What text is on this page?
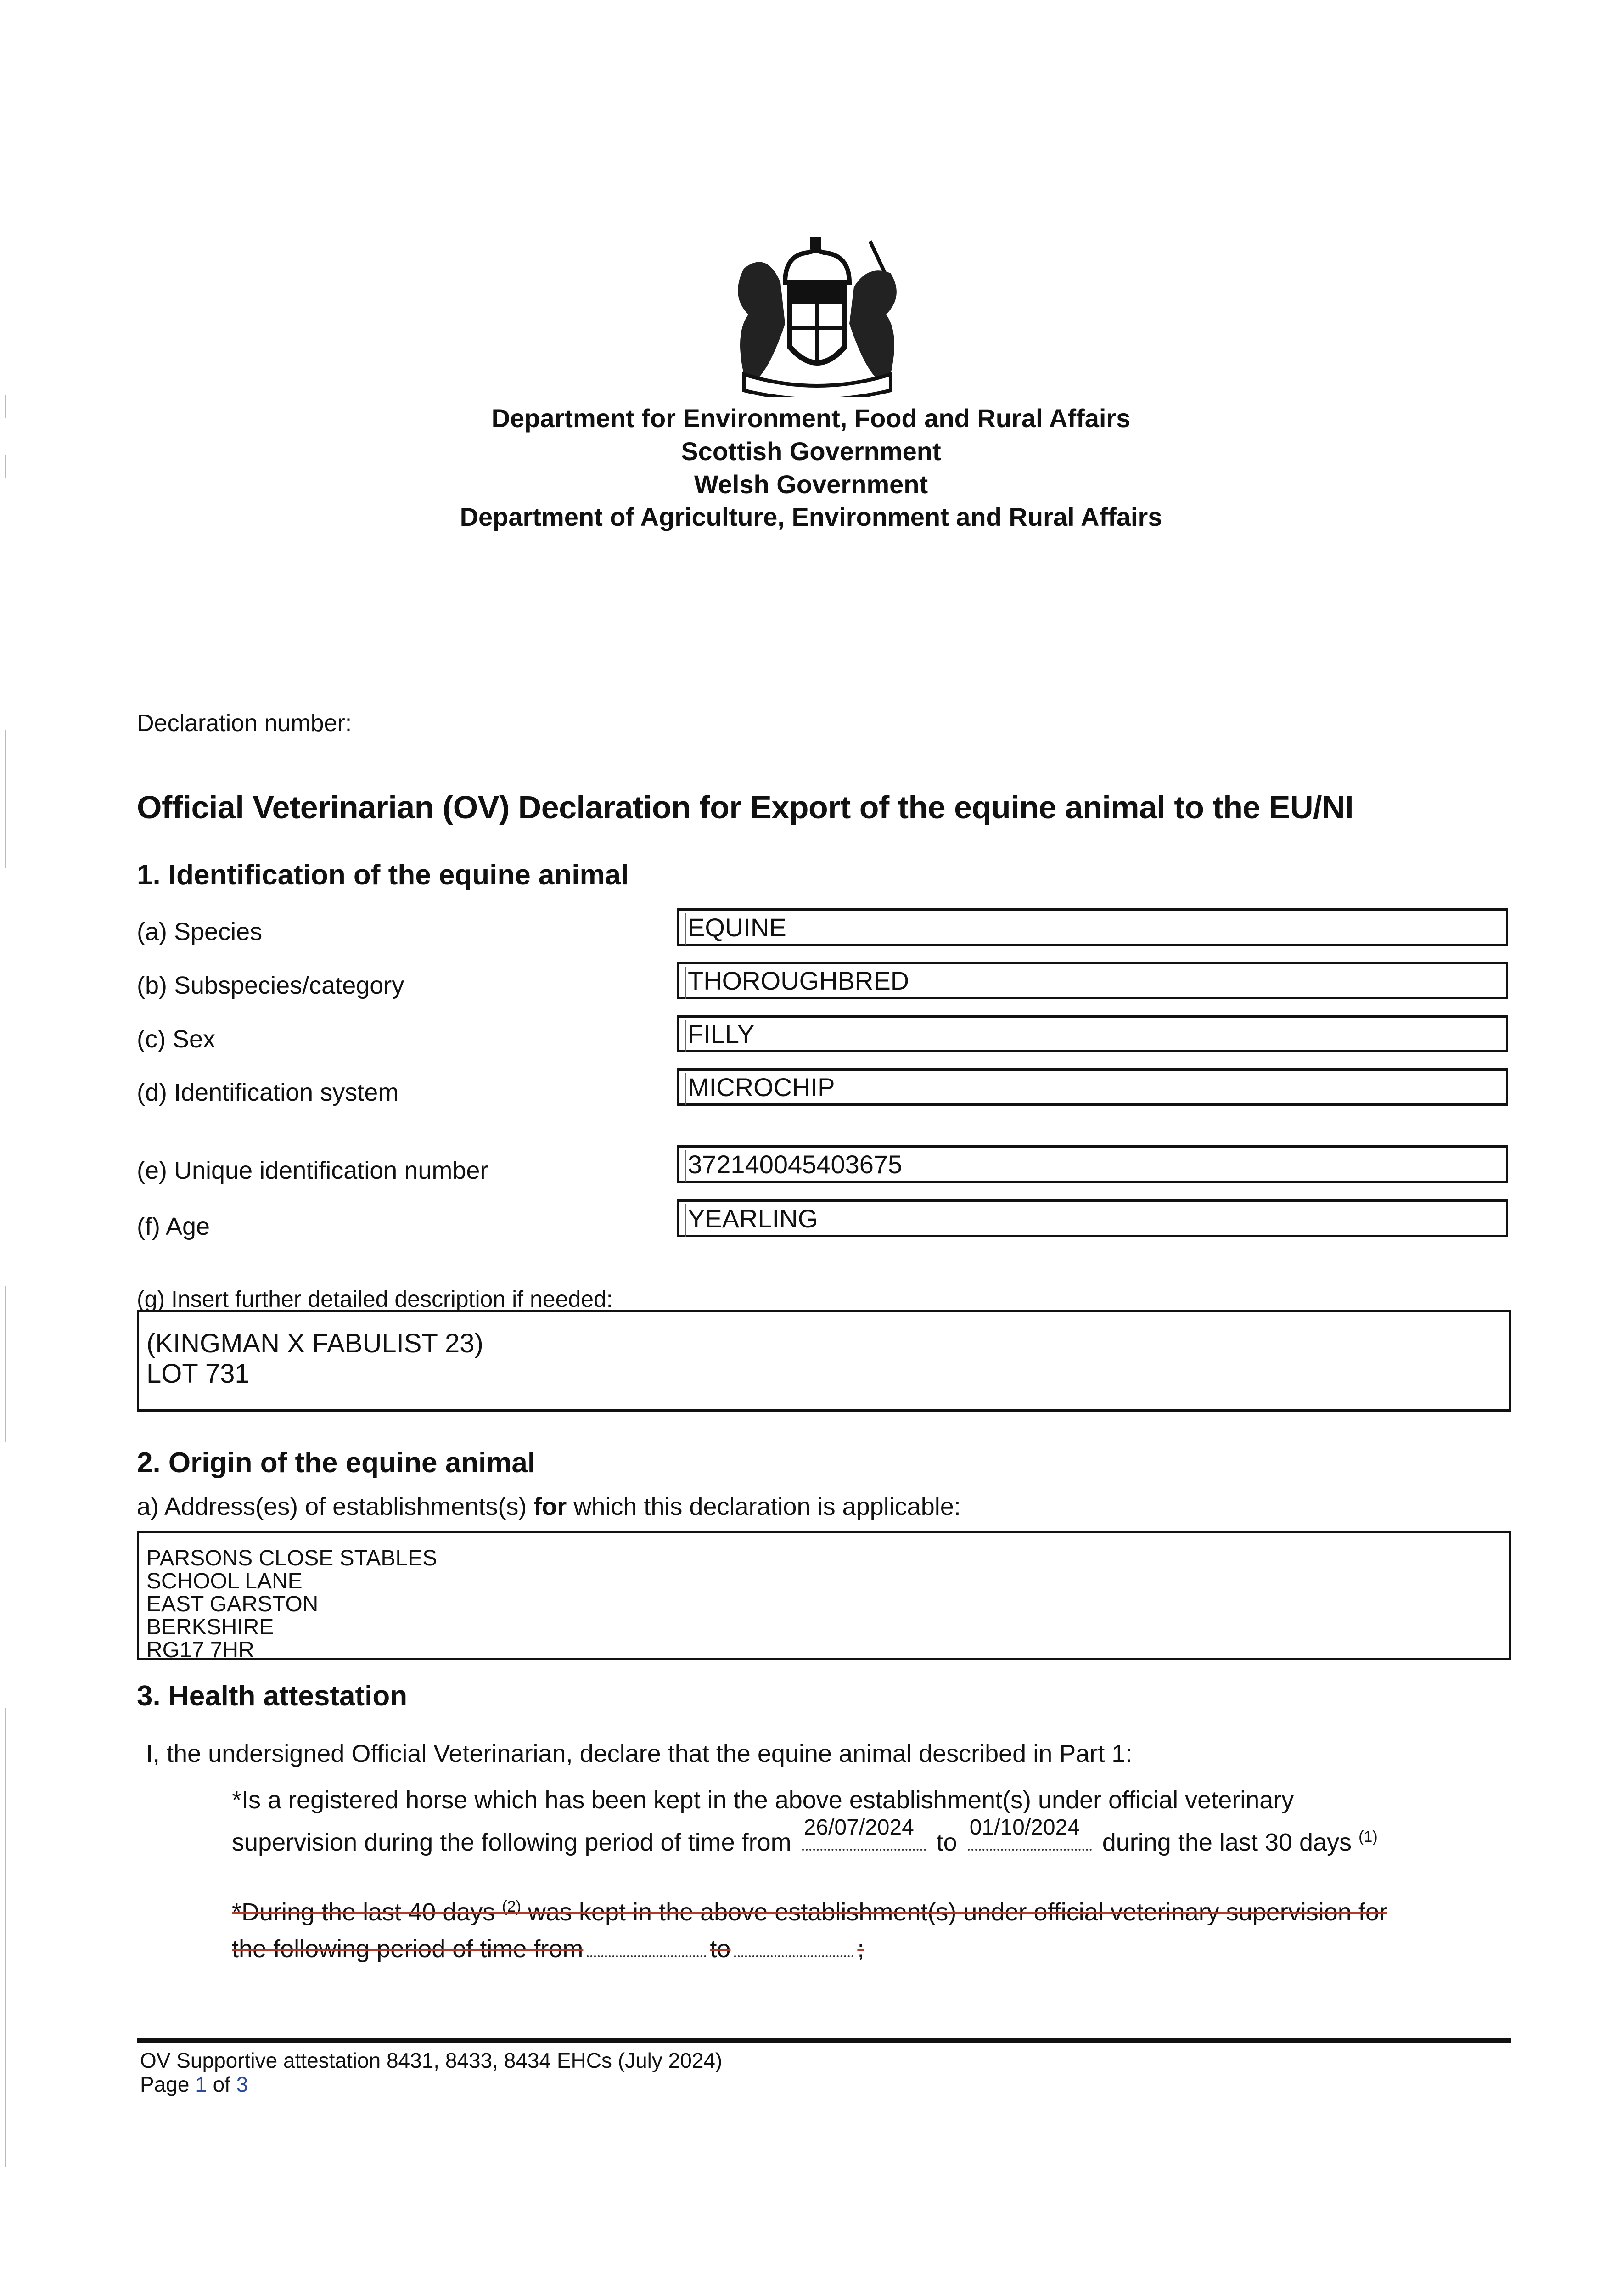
Department for Environment, Food and Rural Affairs
Scottish Government
Welsh Government
Department of Agriculture, Environment and Rural Affairs
Declaration number:
Official Veterinarian (OV) Declaration for Export of the equine animal to the EU/NI
1. Identification of the equine animal
(a) Species	EQUINE
(b) Subspecies/category	THOROUGHBRED
(c) Sex	FILLY
(d) Identification system	MICROCHIP
(e) Unique identification number	372140045403675
(f) Age	YEARLING
(g) Insert further detailed description if needed:
(KINGMAN X FABULIST 23)
LOT 731
2. Origin of the equine animal
a) Address(es) of establishments(s) for which this declaration is applicable:
PARSONS CLOSE STABLES
SCHOOL LANE
EAST GARSTON
BERKSHIRE
RG17 7HR
3. Health attestation
I, the undersigned Official Veterinarian, declare that the equine animal described in Part 1:
*Is a registered horse which has been kept in the above establishment(s) under official veterinary
supervision during the following period of time from
26/07/2024
to
01/10/2024
during the last 30 days $^{(1)}$
*During the last 40 days $^{(2)}$ was kept in the above establishment(s) under official veterinary supervision for
the following period of time from	to	;
OV Supportive attestation 8431, 8433, 8434 EHCs (July 2024)
Page 1 of 3
